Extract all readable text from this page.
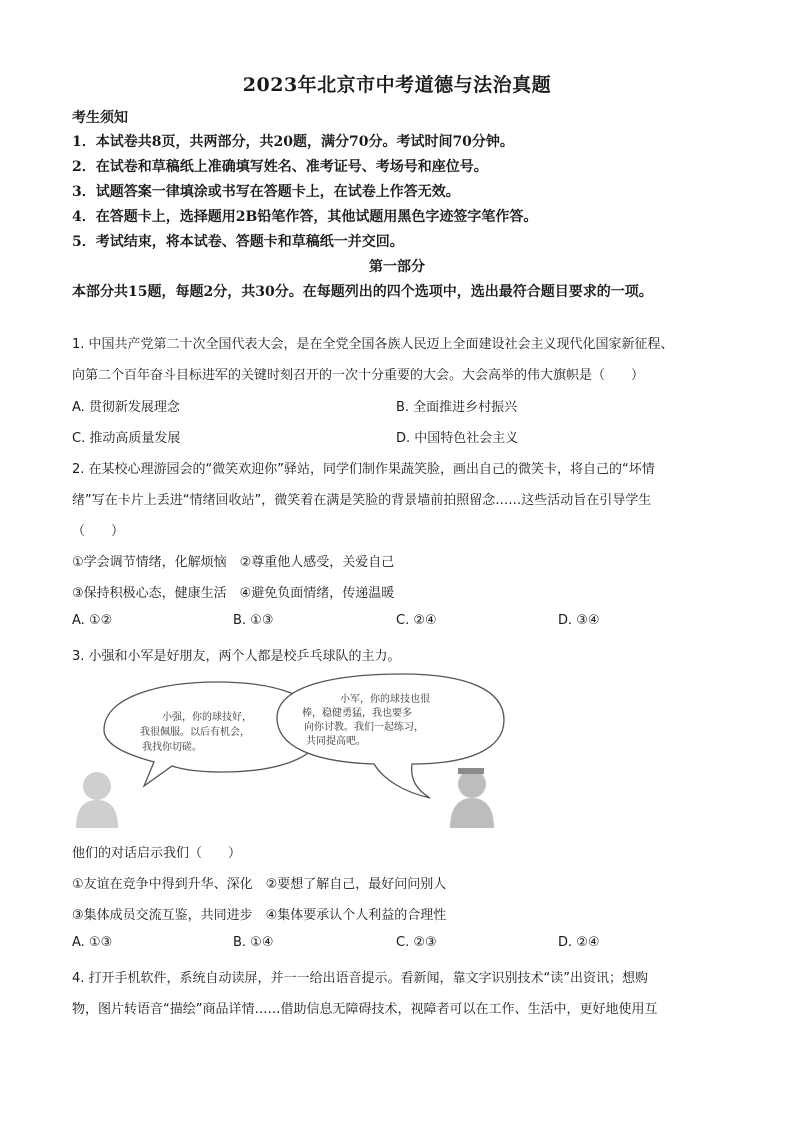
2023年北京市中考道德与法治真题
考生须知
1．本试卷共8页，共两部分，共20题，满分70分。考试时间70分钟。
2．在试卷和草稿纸上准确填写姓名、准考证号、考场号和座位号。
3．试题答案一律填涂或书写在答题卡上，在试卷上作答无效。
4．在答题卡上，选择题用2B铅笔作答，其他试题用黑色字迹签字笔作答。
5．考试结束，将本试卷、答题卡和草稿纸一并交回。
第一部分
本部分共15题，每题2分，共30分。在每题列出的四个选项中，选出最符合题目要求的一项。
1. 中国共产党第二十次全国代表大会，是在全党全国各族人民迈上全面建设社会主义现代化国家新征程、
向第二个百年奋斗目标进军的关键时刻召开的一次十分重要的大会。大会高举的伟大旗帜是（　　）
A. 贯彻新发展理念	B. 全面推进乡村振兴
C. 推动高质量发展	D. 中国特色社会主义
2. 在某校心理游园会的“微笑欢迎你”驿站，同学们制作果蔬笑脸，画出自己的微笑卡，将自己的“坏情
绪”写在卡片上丢进“情绪回收站”，微笑着在满是笑脸的背景墙前拍照留念……这些活动旨在引导学生
（　　）
①学会调节情绪，化解烦恼　②尊重他人感受，关爱自己
③保持积极心态，健康生活　④避免负面情绪，传递温暖
A. ①②	B. ①③	C. ②④	D. ③④
3. 小强和小军是好朋友，两个人都是校乒乓球队的主力。
小强，你的球技好，
我很佩服。以后有机会，
我找你切磋。
小军，你的球技也很
棒，稳健勇猛，我也要多
向你讨教。我们一起练习，
共同提高吧。
他们的对话启示我们（　　）
①友谊在竞争中得到升华、深化　②要想了解自己，最好问问别人
③集体成员交流互鉴，共同进步　④集体要承认个人利益的合理性
A. ①③	B. ①④	C. ②③	D. ②④
4. 打开手机软件，系统自动读屏，并一一给出语音提示。看新闻，靠文字识别技术“读”出资讯；想购
物，图片转语音“描绘”商品详情……借助信息无障碍技术，视障者可以在工作、生活中，更好地使用互
